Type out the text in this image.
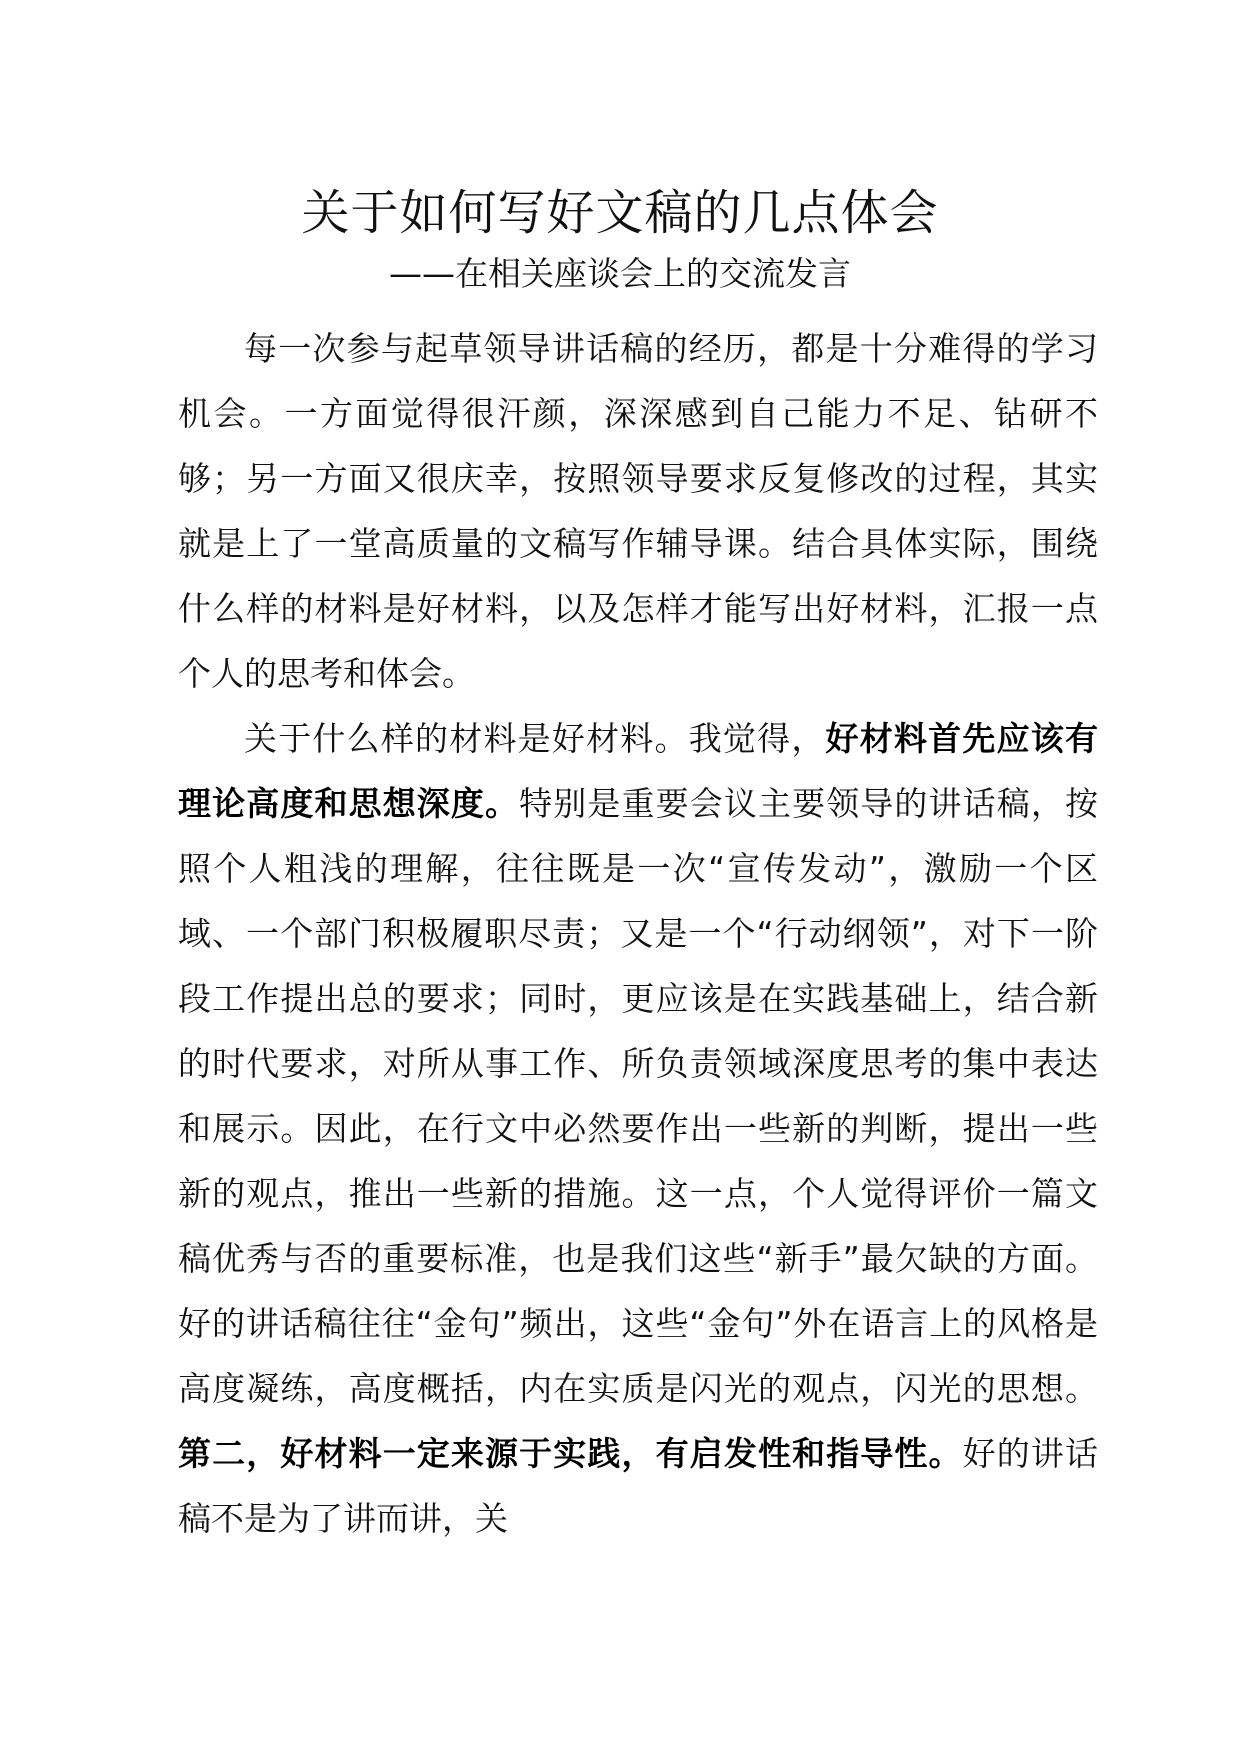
关于如何写好文稿的几点体会
——在相关座谈会上的交流发言

每一次参与起草领导讲话稿的经历，都是十分难得的学习机会。一方面觉得很汗颜，深深感到自己能力不足、钻研不够；另一方面又很庆幸，按照领导要求反复修改的过程，其实就是上了一堂高质量的文稿写作辅导课。结合具体实际，围绕什么样的材料是好材料，以及怎样才能写出好材料，汇报一点个人的思考和体会。

关于什么样的材料是好材料。我觉得，好材料首先应该有理论高度和思想深度。特别是重要会议主要领导的讲话稿，按照个人粗浅的理解，往往既是一次“宣传发动”，激励一个区域、一个部门积极履职尽责；又是一个“行动纲领”，对下一阶段工作提出总的要求；同时，更应该是在实践基础上，结合新的时代要求，对所从事工作、所负责领域深度思考的集中表达和展示。因此，在行文中必然要作出一些新的判断，提出一些新的观点，推出一些新的措施。这一点，个人觉得评价一篇文稿优秀与否的重要标准，也是我们这些“新手”最欠缺的方面。好的讲话稿往往“金句”频出，这些“金句”外在语言上的风格是高度凝练，高度概括，内在实质是闪光的观点，闪光的思想。第二，好材料一定来源于实践，有启发性和指导性。好的讲话稿不是为了讲而讲，关
